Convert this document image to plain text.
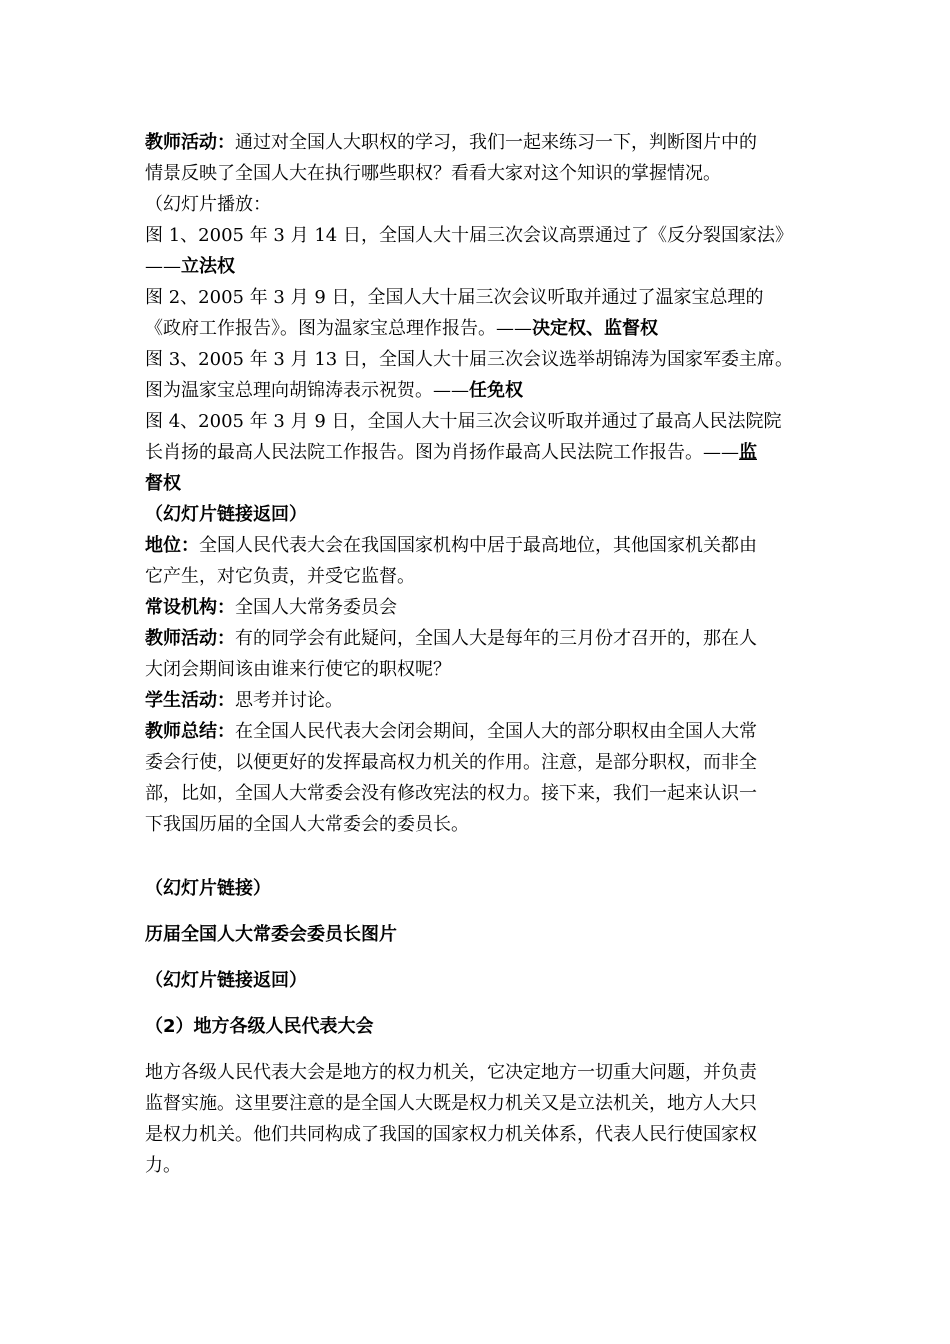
教师活动：通过对全国人大职权的学习，我们一起来练习一下，判断图片中的
情景反映了全国人大在执行哪些职权？看看大家对这个知识的掌握情况。
（幻灯片播放：
图 1、2005 年 3 月 14 日，全国人大十届三次会议高票通过了《反分裂国家法》
——立法权
图 2、2005 年 3 月 9 日，全国人大十届三次会议听取并通过了温家宝总理的
《政府工作报告》。图为温家宝总理作报告。——决定权、监督权
图 3、2005 年 3 月 13 日，全国人大十届三次会议选举胡锦涛为国家军委主席。
图为温家宝总理向胡锦涛表示祝贺。——任免权
图 4、2005 年 3 月 9 日，全国人大十届三次会议听取并通过了最高人民法院院
长肖扬的最高人民法院工作报告。图为肖扬作最高人民法院工作报告。——监
督权
（幻灯片链接返回）
地位：全国人民代表大会在我国国家机构中居于最高地位，其他国家机关都由
它产生，对它负责，并受它监督。
常设机构：全国人大常务委员会
教师活动：有的同学会有此疑问，全国人大是每年的三月份才召开的，那在人
大闭会期间该由谁来行使它的职权呢？
学生活动：思考并讨论。
教师总结：在全国人民代表大会闭会期间，全国人大的部分职权由全国人大常
委会行使，以便更好的发挥最高权力机关的作用。注意，是部分职权，而非全
部，比如，全国人大常委会没有修改宪法的权力。接下来，我们一起来认识一
下我国历届的全国人大常委会的委员长。
（幻灯片链接）
历届全国人大常委会委员长图片
（幻灯片链接返回）
（2）地方各级人民代表大会
地方各级人民代表大会是地方的权力机关，它决定地方一切重大问题，并负责
监督实施。这里要注意的是全国人大既是权力机关又是立法机关，地方人大只
是权力机关。他们共同构成了我国的国家权力机关体系，代表人民行使国家权
力。
